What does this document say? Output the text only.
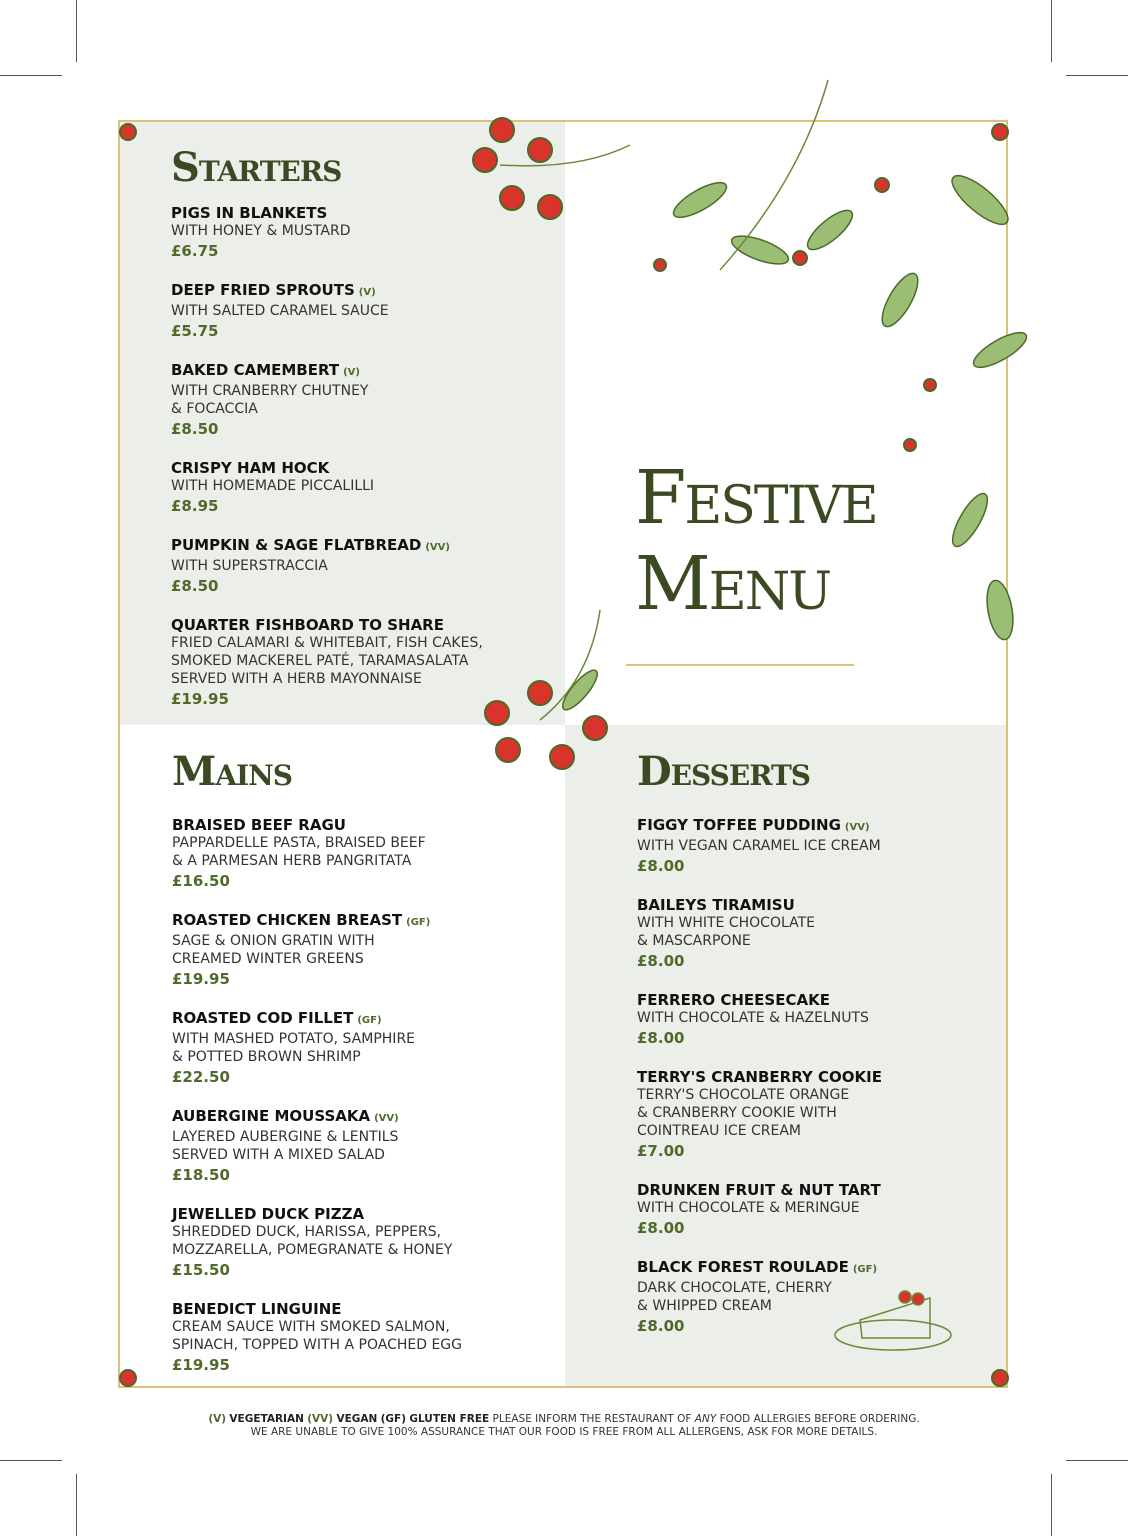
Festive
Menu
Starters
PIGS IN BLANKETS
WITH HONEY & MUSTARD
£6.75
DEEP FRIED SPROUTS (V)
WITH SALTED CARAMEL SAUCE
£5.75
BAKED CAMEMBERT (V)
WITH CRANBERRY CHUTNEY
& FOCACCIA
£8.50
CRISPY HAM HOCK
WITH HOMEMADE PICCALILLI
£8.95
PUMPKIN & SAGE FLATBREAD (VV)
WITH SUPERSTRACCIA
£8.50
QUARTER FISHBOARD TO SHARE
FRIED CALAMARI & WHITEBAIT, FISH CAKES,
SMOKED MACKEREL PATÉ, TARAMASALATA
SERVED WITH A HERB MAYONNAISE
£19.95
Mains
BRAISED BEEF RAGU
PAPPARDELLE PASTA, BRAISED BEEF
& A PARMESAN HERB PANGRITATA
£16.50
ROASTED CHICKEN BREAST (GF)
SAGE & ONION GRATIN WITH
CREAMED WINTER GREENS
£19.95
ROASTED COD FILLET (GF)
WITH MASHED POTATO, SAMPHIRE
& POTTED BROWN SHRIMP
£22.50
AUBERGINE MOUSSAKA (VV)
LAYERED AUBERGINE & LENTILS
SERVED WITH A MIXED SALAD
£18.50
JEWELLED DUCK PIZZA
SHREDDED DUCK, HARISSA, PEPPERS,
MOZZARELLA, POMEGRANATE & HONEY
£15.50
BENEDICT LINGUINE
CREAM SAUCE WITH SMOKED SALMON,
SPINACH, TOPPED WITH A POACHED EGG
£19.95
Desserts
FIGGY TOFFEE PUDDING (VV)
WITH VEGAN CARAMEL ICE CREAM
£8.00
BAILEYS TIRAMISU
WITH WHITE CHOCOLATE
& MASCARPONE
£8.00
FERRERO CHEESECAKE
WITH CHOCOLATE & HAZELNUTS
£8.00
TERRY'S CRANBERRY COOKIE
TERRY'S CHOCOLATE ORANGE
& CRANBERRY COOKIE WITH
COINTREAU ICE CREAM
£7.00
DRUNKEN FRUIT & NUT TART
WITH CHOCOLATE & MERINGUE
£8.00
BLACK FOREST ROULADE (GF)
DARK CHOCOLATE, CHERRY
& WHIPPED CREAM
£8.00
(V) VEGETARIAN (VV) VEGAN (GF) GLUTEN FREE PLEASE INFORM THE RESTAURANT OF ANY FOOD ALLERGIES BEFORE ORDERING.
WE ARE UNABLE TO GIVE 100% ASSURANCE THAT OUR FOOD IS FREE FROM ALL ALLERGENS, ASK FOR MORE DETAILS.
